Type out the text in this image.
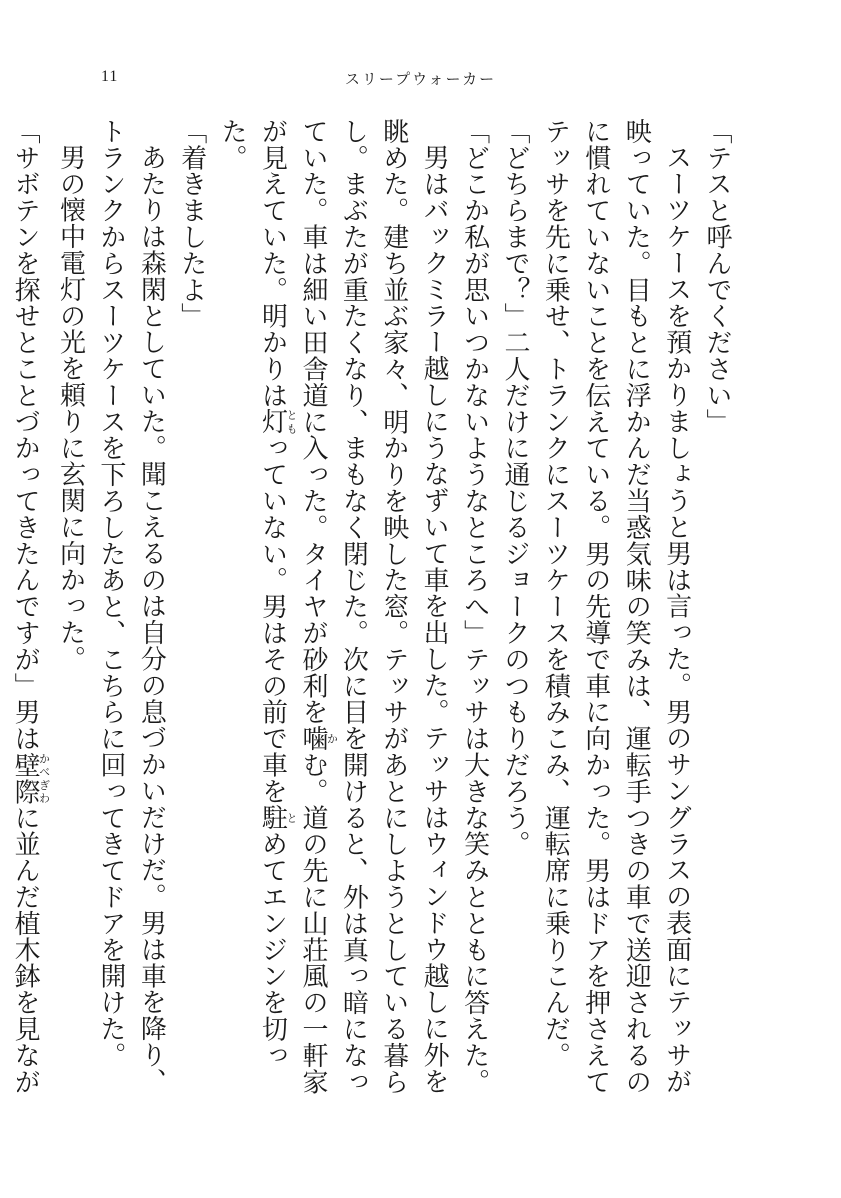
11	スリープウォーカー

「テスと呼んでください」

スーツケースを預かりましょうと男は言った。男のサングラスの表面にテッサが映っていた。目もとに浮かんだ当惑気味の笑みは、運転手つきの車で送迎されるのに慣れていないことを伝えている。男の先導で車に向かった。男はドアを押さえてテッサを先に乗せ、トランクにスーツケースを積みこみ、運転席に乗りこんだ。

「どちらまで？」二人だけに通じるジョークのつもりだろう。

「どこか私が思いつかないようなところへ」テッサは大きな笑みとともに答えた。

男はバックミラー越しにうなずいて車を出した。テッサはウィンドウ越しに外を眺めた。建ち並ぶ家々、明かりを映した窓。テッサがあとにしようとしている暮らし。まぶたが重たくなり、まもなく閉じた。次に目を開けると、外は真っ暗になっていた。車は細い田舎道に入った。タイヤが砂利を噛かむ。道の先に山荘風の一軒家が見えていた。明かりは灯ともっていない。男はその前で車を駐とめてエンジンを切った。

「着きましたよ」

あたりは森閑としていた。聞こえるのは自分の息づかいだけだ。男は車を降り、トランクからスーツケースを下ろしたあと、こちらに回ってきてドアを開けた。

男の懐中電灯の光を頼りに玄関に向かった。

「サボテンを探せとことづかってきたんですが」男は壁際かべぎわに並んだ植木鉢を見なが
